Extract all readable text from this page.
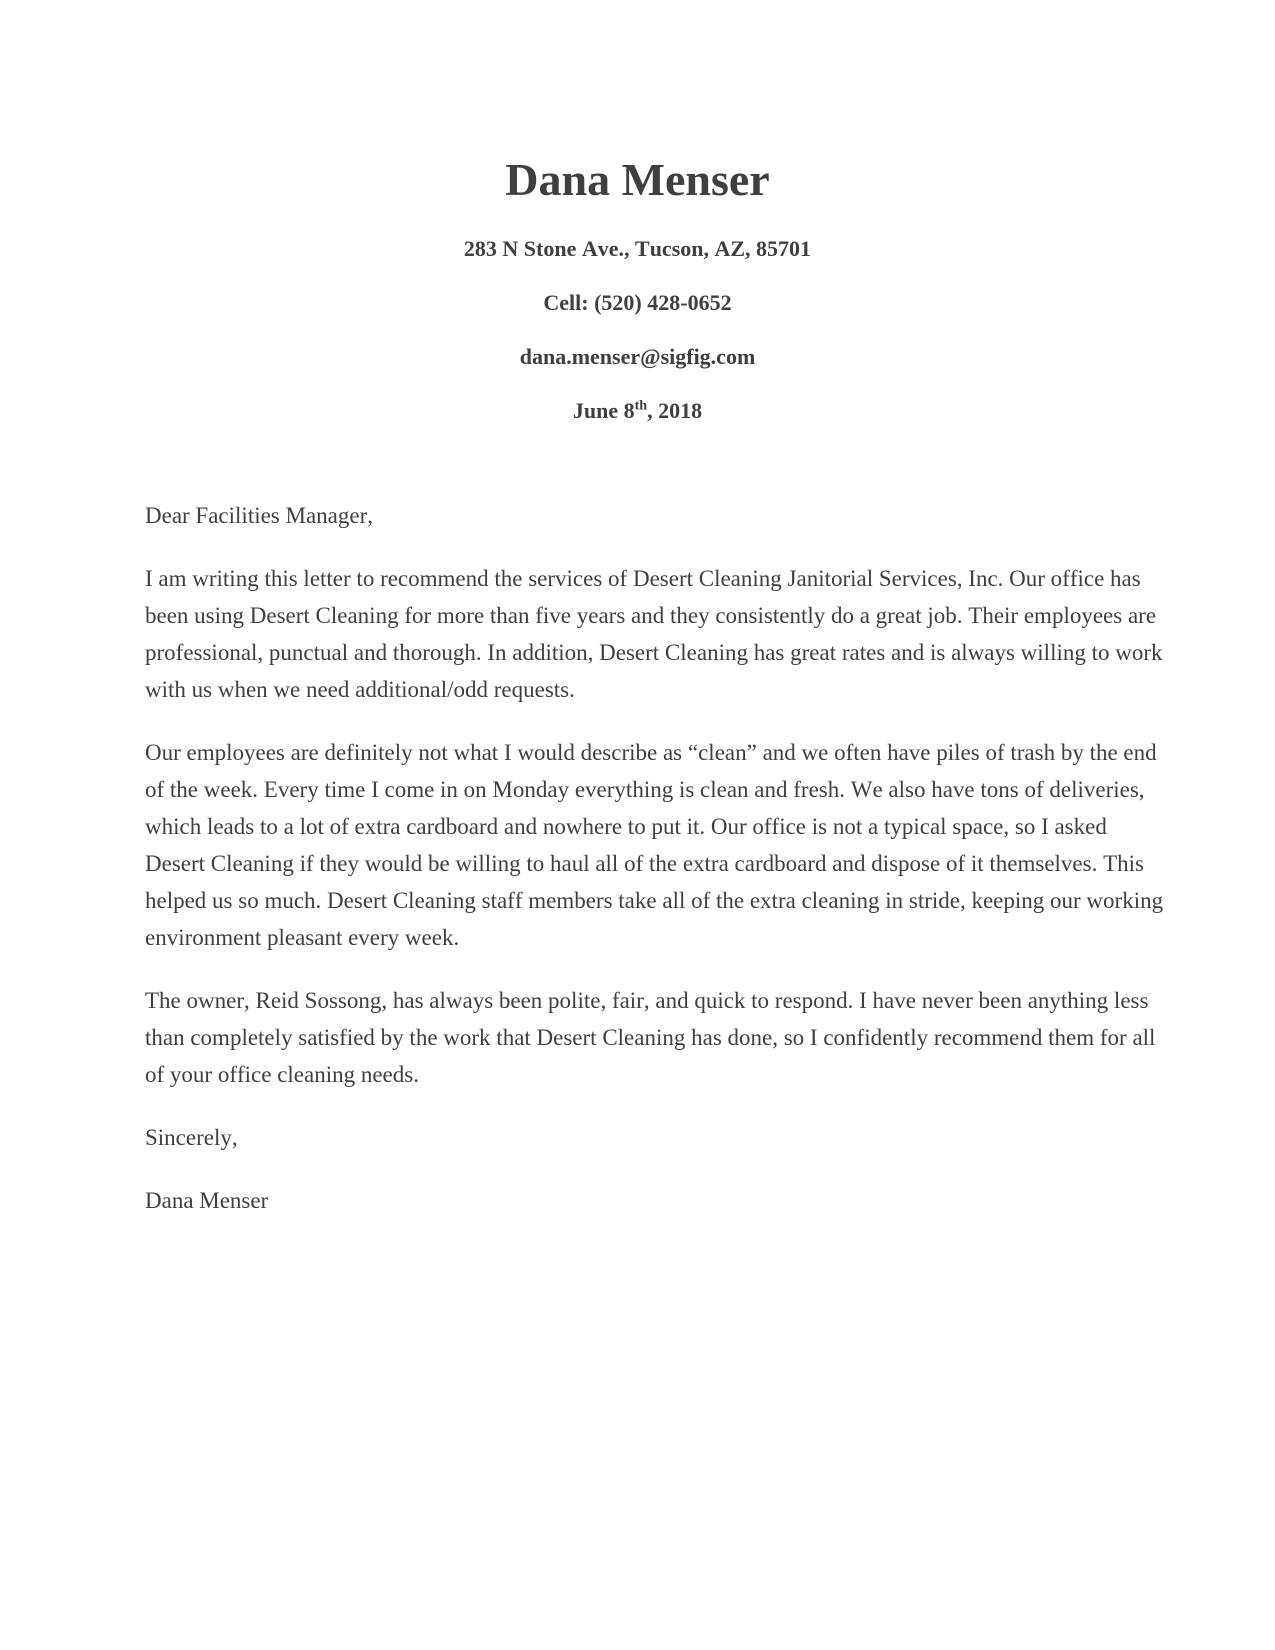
Dana Menser
283 N Stone Ave., Tucson, AZ, 85701
Cell: (520) 428-0652
dana.menser@sigfig.com
June 8th, 2018

Dear Facilities Manager,

I am writing this letter to recommend the services of Desert Cleaning Janitorial Services, Inc. Our office has been using Desert Cleaning for more than five years and they consistently do a great job. Their employees are professional, punctual and thorough. In addition, Desert Cleaning has great rates and is always willing to work with us when we need additional/odd requests.

Our employees are definitely not what I would describe as “clean” and we often have piles of trash by the end of the week. Every time I come in on Monday everything is clean and fresh. We also have tons of deliveries, which leads to a lot of extra cardboard and nowhere to put it. Our office is not a typical space, so I asked Desert Cleaning if they would be willing to haul all of the extra cardboard and dispose of it themselves. This helped us so much. Desert Cleaning staff members take all of the extra cleaning in stride, keeping our working environment pleasant every week.

The owner, Reid Sossong, has always been polite, fair, and quick to respond. I have never been anything less than completely satisfied by the work that Desert Cleaning has done, so I confidently recommend them for all of your office cleaning needs.

Sincerely,

Dana Menser
